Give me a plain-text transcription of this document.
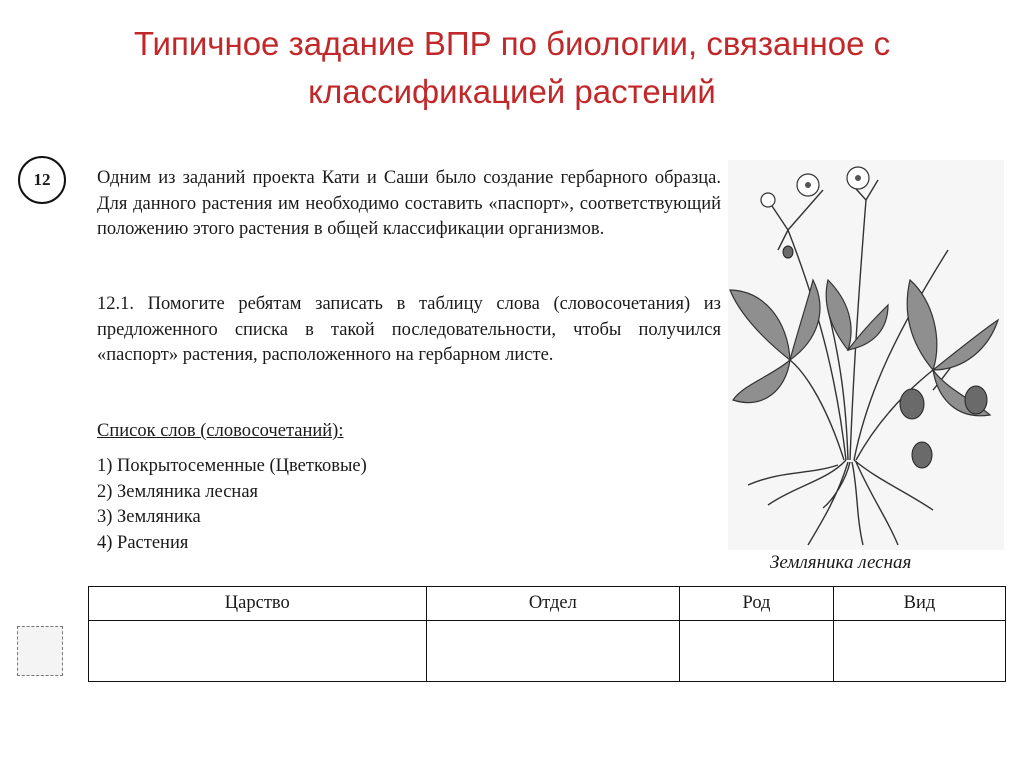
Типичное задание ВПР по биологии, связанное с классификацией растений
12	Одним из заданий проекта Кати и Саши было создание гербарного образца. Для данного растения им необходимо составить «паспорт», соответствующий положению этого растения в общей классификации организмов.
12.1. Помогите ребятам записать в таблицу слова (словосочетания) из предложенного списка в такой последовательности, чтобы получился «паспорт» растения, расположенного на гербарном листе.
Список слов (словосочетаний):
1) Покрытосеменные (Цветковые)
2) Земляника лесная
3) Земляника
4) Растения
Земляника лесная
Царство	Отдел	Род	Вид
